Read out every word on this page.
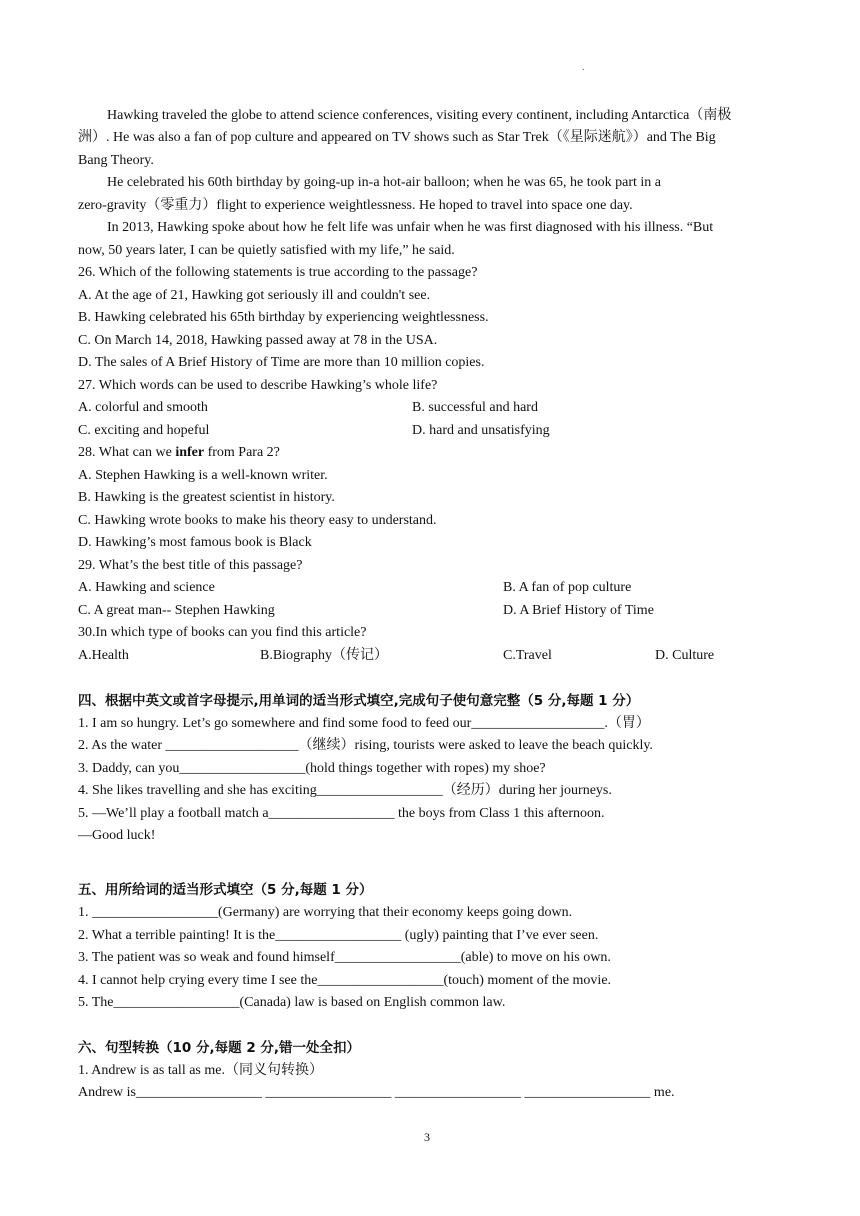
.
Hawking traveled the globe to attend science conferences, visiting every continent, including Antarctica（南极
洲）. He was also a fan of pop culture and appeared on TV shows such as Star Trek（《星际迷航》）and The Big
Bang Theory.
He celebrated his 60th birthday by going-up in-a hot-air balloon; when he was 65, he took part in a
zero-gravity（零重力）flight to experience weightlessness. He hoped to travel into space one day.
In 2013, Hawking spoke about how he felt life was unfair when he was first diagnosed with his illness. “But
now, 50 years later, I can be quietly satisfied with my life,” he said.
26. Which of the following statements is true according to the passage?
A. At the age of 21, Hawking got seriously ill and couldn't see.
B. Hawking celebrated his 65th birthday by experiencing weightlessness.
C. On March 14, 2018, Hawking passed away at 78 in the USA.
D. The sales of A Brief History of Time are more than 10 million copies.
27. Which words can be used to describe Hawking’s whole life?
A. colorful and smooth	B. successful and hard
C. exciting and hopeful	D. hard and unsatisfying
28. What can we infer from Para 2?
A. Stephen Hawking is a well-known writer.
B. Hawking is the greatest scientist in history.
C. Hawking wrote books to make his theory easy to understand.
D. Hawking’s most famous book is Black
29. What’s the best title of this passage?
A. Hawking and science	B. A fan of pop culture
C. A great man-- Stephen Hawking	D. A Brief History of Time
30.In which type of books can you find this article?
A.Health	B.Biography（传记）	C.Travel	D. Culture
四、根据中英文或首字母提示,用单词的适当形式填空,完成句子使句意完整（5 分,每题 1 分）
1. I am so hungry. Let’s go somewhere and find some food to feed our___________________.（胃）
2. As the water ___________________（继续）rising, tourists were asked to leave the beach quickly.
3. Daddy, can you__________________(hold things together with ropes) my shoe?
4. She likes travelling and she has exciting__________________（经历）during her journeys.
5. —We’ll play a football match a__________________ the boys from Class 1 this afternoon.
—Good luck!
五、用所给词的适当形式填空（5 分,每题 1 分）
1. __________________(Germany) are worrying that their economy keeps going down.
2. What a terrible painting! It is the__________________ (ugly) painting that I’ve ever seen.
3. The patient was so weak and found himself__________________(able) to move on his own.
4. I cannot help crying every time I see the__________________(touch) moment of the movie.
5. The__________________(Canada) law is based on English common law.
六、句型转换（10 分,每题 2 分,错一处全扣）
1. Andrew is as tall as me.（同义句转换）
Andrew is__________________ __________________ __________________ __________________ me.
3
